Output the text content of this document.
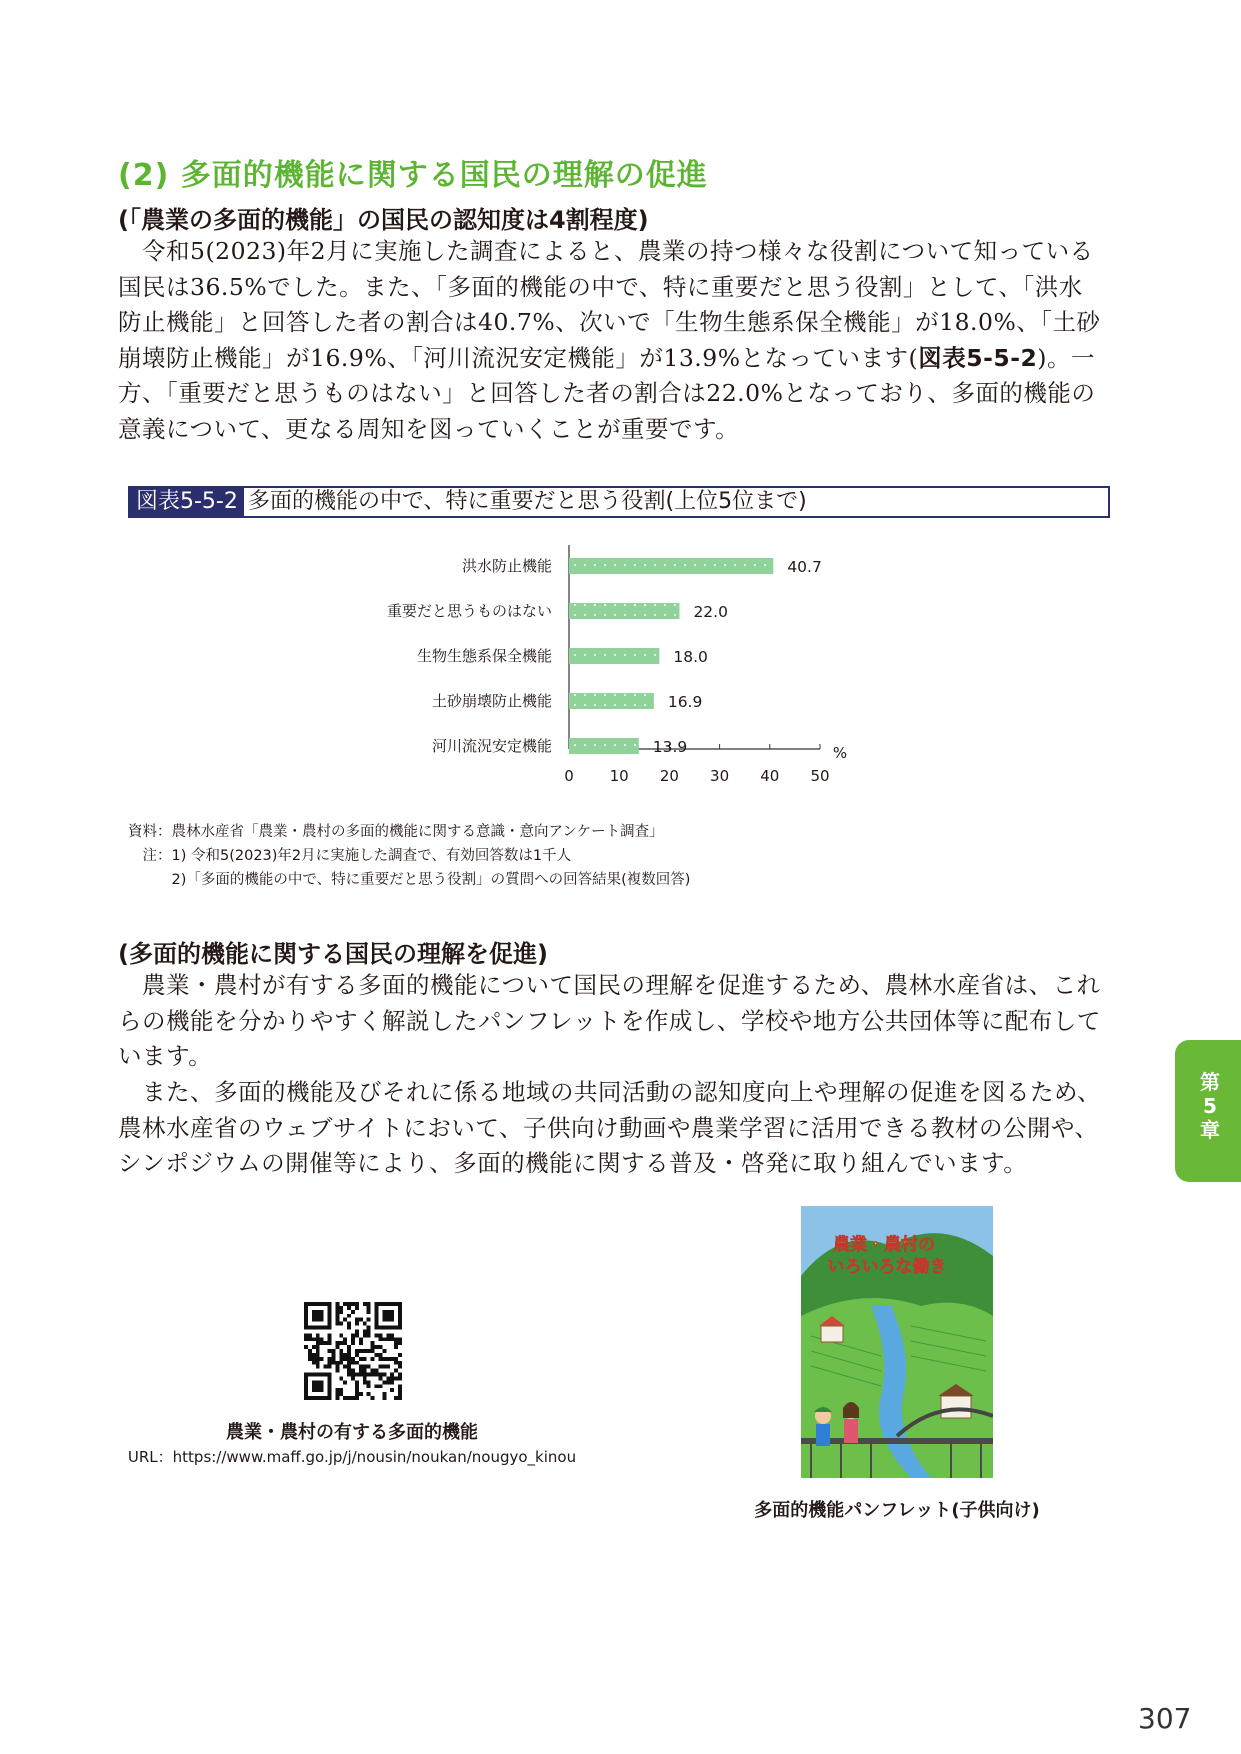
(2) 多面的機能に関する国民の理解の促進
(「農業の多面的機能」の国民の認知度は4割程度)

令和5(2023)年2月に実施した調査によると、農業の持つ様々な役割について知っている国民は36.5%でした。また、「多面的機能の中で、特に重要だと思う役割」として、「洪水防止機能」と回答した者の割合は40.7%、次いで「生物生態系保全機能」が18.0%、「土砂崩壊防止機能」が16.9%、「河川流況安定機能」が13.9%となっています(図表5-5-2)。一方、「重要だと思うものはない」と回答した者の割合は22.0%となっており、多面的機能の意義について、更なる周知を図っていくことが重要です。

図表5-5-2 多面的機能の中で、特に重要だと思う役割(上位5位まで)
0 10 20 30 40 50
%
洪水防止機能	40.7
重要だと思うものはない	22.0
生物生態系保全機能	18.0
土砂崩壊防止機能	16.9
河川流況安定機能	13.9
資料：農林水産省「農業・農村の多面的機能に関する意識・意向アンケート調査」
　注：1) 令和5(2023)年2月に実施した調査で、有効回答数は1千人
　　　2)「多面的機能の中で、特に重要だと思う役割」の質問への回答結果(複数回答)
(多面的機能に関する国民の理解を促進)

農業・農村が有する多面的機能について国民の理解を促進するため、農林水産省は、これらの機能を分かりやすく解説したパンフレットを作成し、学校や地方公共団体等に配布しています。

また、多面的機能及びそれに係る地域の共同活動の認知度向上や理解の促進を図るため、農林水産省のウェブサイトにおいて、子供向け動画や農業学習に活用できる教材の公開や、シンポジウムの開催等により、多面的機能に関する普及・啓発に取り組んでいます。

第
5
章
農業・農村の有する多面的機能
URL：https://www.maff.go.jp/j/nousin/noukan/nougyo_kinou
農業・農村の いろいろな働き
多面的機能パンフレット(子供向け)
307
